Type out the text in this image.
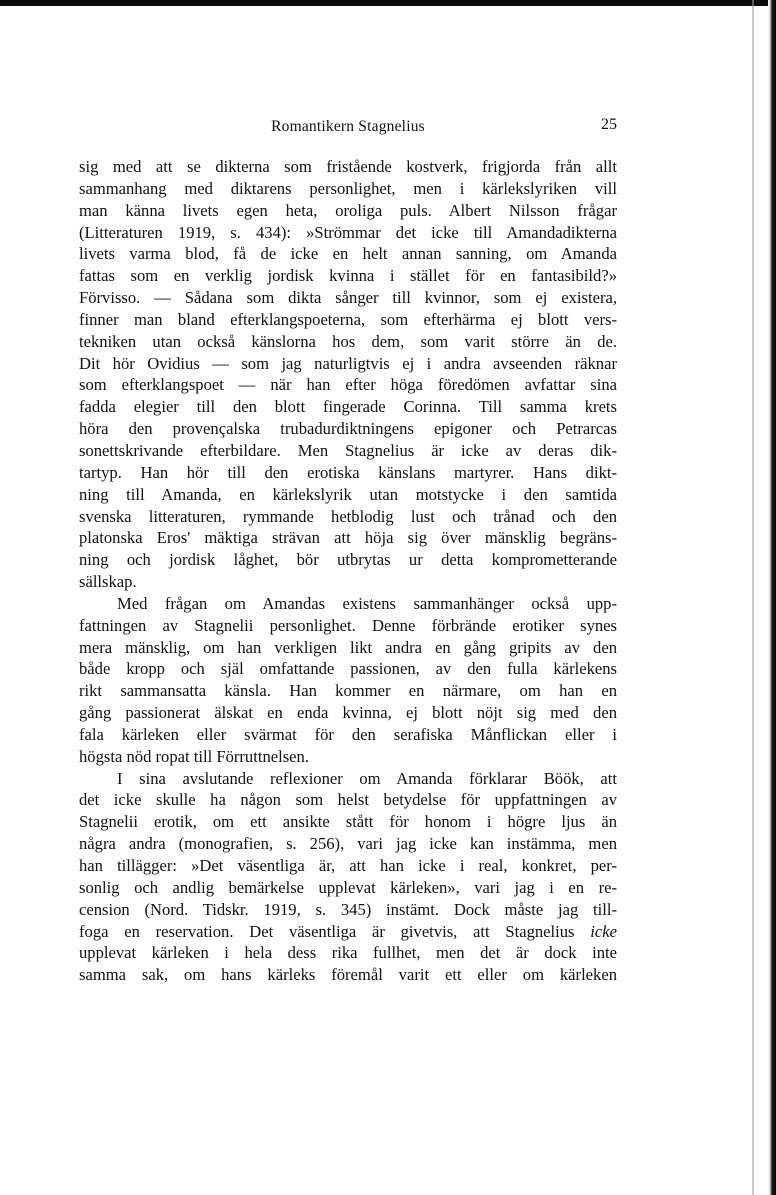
Romantikern Stagnelius	25
sig med att se dikterna som fristående kostverk, frigjorda från allt
sammanhang med diktarens personlighet, men i kärlekslyriken vill
man känna livets egen heta, oroliga puls. Albert Nilsson frågar
(Litteraturen 1919, s. 434): »Strömmar det icke till Amandadikterna
livets varma blod, få de icke en helt annan sanning, om Amanda
fattas som en verklig jordisk kvinna i stället för en fantasibild?»
Förvisso. — Sådana som dikta sånger till kvinnor, som ej existera,
finner man bland efterklangspoeterna, som efterhärma ej blott vers-
tekniken utan också känslorna hos dem, som varit större än de.
Dit hör Ovidius — som jag naturligtvis ej i andra avseenden räknar
som efterklangspoet — när han efter höga föredömen avfattar sina
fadda elegier till den blott fingerade Corinna. Till samma krets
höra den provençalska trubadurdiktningens epigoner och Petrarcas
sonettskrivande efterbildare. Men Stagnelius är icke av deras dik-
tartyp. Han hör till den erotiska känslans martyrer. Hans dikt-
ning till Amanda, en kärlekslyrik utan motstycke i den samtida
svenska litteraturen, rymmande hetblodig lust och trånad och den
platonska Eros' mäktiga strävan att höja sig över mänsklig begräns-
ning och jordisk låghet, bör utbrytas ur detta komprometterande
sällskap.
Med frågan om Amandas existens sammanhänger också upp-
fattningen av Stagnelii personlighet. Denne förbrände erotiker synes
mera mänsklig, om han verkligen likt andra en gång gripits av den
både kropp och själ omfattande passionen, av den fulla kärlekens
rikt sammansatta känsla. Han kommer en närmare, om han en
gång passionerat älskat en enda kvinna, ej blott nöjt sig med den
fala kärleken eller svärmat för den serafiska Månflickan eller i
högsta nöd ropat till Förruttnelsen.
I sina avslutande reflexioner om Amanda förklarar Böök, att
det icke skulle ha någon som helst betydelse för uppfattningen av
Stagnelii erotik, om ett ansikte stått för honom i högre ljus än
några andra (monografien, s. 256), vari jag icke kan instämma, men
han tillägger: »Det väsentliga är, att han icke i real, konkret, per-
sonlig och andlig bemärkelse upplevat kärleken», vari jag i en re-
cension (Nord. Tidskr. 1919, s. 345) instämt. Dock måste jag till-
foga en reservation. Det väsentliga är givetvis, att Stagnelius icke
upplevat kärleken i hela dess rika fullhet, men det är dock inte
samma sak, om hans kärleks föremål varit ett eller om kärleken
